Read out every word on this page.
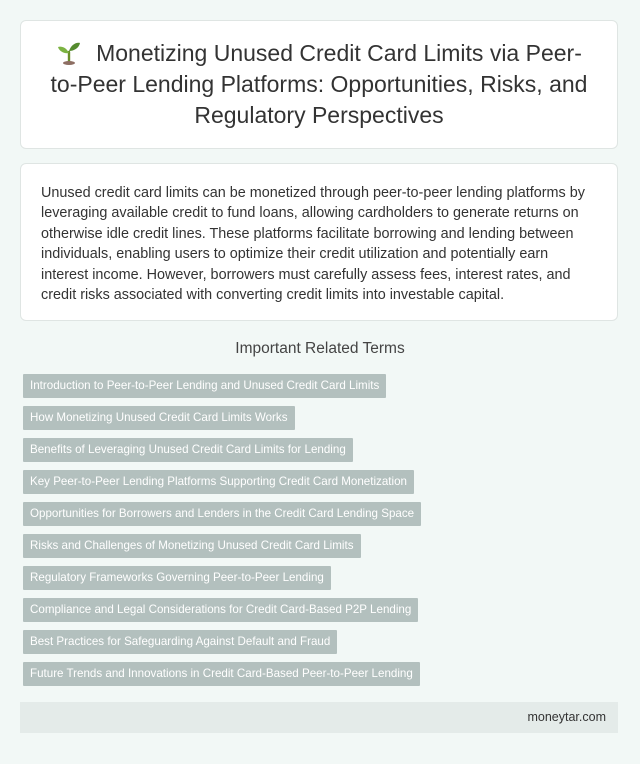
Monetizing Unused Credit Card Limits via Peer-to-Peer Lending Platforms: Opportunities, Risks, and Regulatory Perspectives

Unused credit card limits can be monetized through peer-to-peer lending platforms by leveraging available credit to fund loans, allowing cardholders to generate returns on otherwise idle credit lines. These platforms facilitate borrowing and lending between individuals, enabling users to optimize their credit utilization and potentially earn interest income. However, borrowers must carefully assess fees, interest rates, and credit risks associated with converting credit limits into investable capital.

Important Related Terms
Introduction to Peer-to-Peer Lending and Unused Credit Card Limits
How Monetizing Unused Credit Card Limits Works
Benefits of Leveraging Unused Credit Card Limits for Lending
Key Peer-to-Peer Lending Platforms Supporting Credit Card Monetization
Opportunities for Borrowers and Lenders in the Credit Card Lending Space
Risks and Challenges of Monetizing Unused Credit Card Limits
Regulatory Frameworks Governing Peer-to-Peer Lending
Compliance and Legal Considerations for Credit Card-Based P2P Lending
Best Practices for Safeguarding Against Default and Fraud
Future Trends and Innovations in Credit Card-Based Peer-to-Peer Lending
moneytar.com
